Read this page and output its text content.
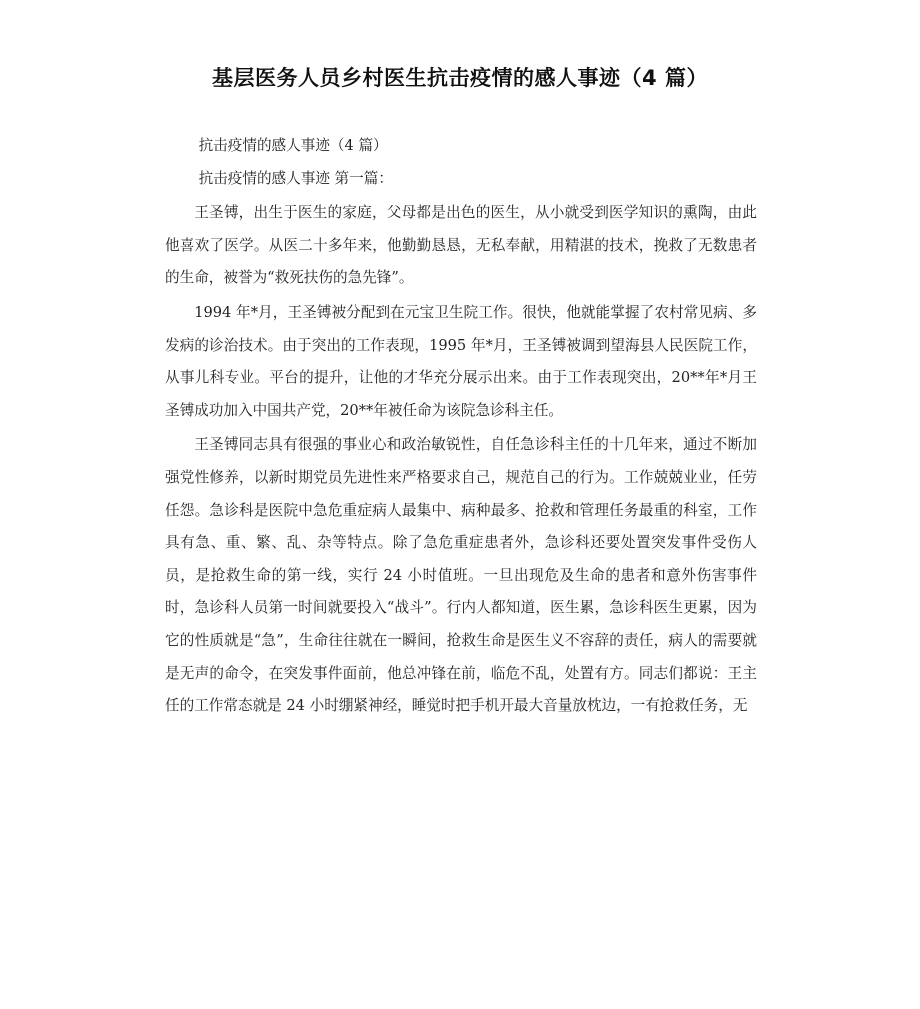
基层医务人员乡村医生抗击疫情的感人事迹（4 篇）

抗击疫情的感人事迹（4 篇）

抗击疫情的感人事迹 第一篇：

王圣镈，出生于医生的家庭，父母都是出色的医生，从小就受到医学知识的熏陶，由此他喜欢了医学。从医二十多年来，他勤勤恳恳，无私奉献，用精湛的技术，挽救了无数患者的生命，被誉为“救死扶伤的急先锋”。

1994 年*月，王圣镈被分配到在元宝卫生院工作。很快，他就能掌握了农村常见病、多发病的诊治技术。由于突出的工作表现，1995 年*月，王圣镈被调到望海县人民医院工作，从事儿科专业。平台的提升，让他的才华充分展示出来。由于工作表现突出，20**年*月王圣镈成功加入中国共产党，20**年被任命为该院急诊科主任。

王圣镈同志具有很强的事业心和政治敏锐性，自任急诊科主任的十几年来，通过不断加强党性修养，以新时期党员先进性来严格要求自己，规范自己的行为。工作兢兢业业，任劳任怨。急诊科是医院中急危重症病人最集中、病种最多、抢救和管理任务最重的科室，工作具有急、重、繁、乱、杂等特点。除了急危重症患者外，急诊科还要处置突发事件受伤人员，是抢救生命的第一线，实行 24 小时值班。一旦出现危及生命的患者和意外伤害事件时，急诊科人员第一时间就要投入“战斗”。行内人都知道，医生累，急诊科医生更累，因为它的性质就是“急”，生命往往就在一瞬间，抢救生命是医生义不容辞的责任，病人的需要就是无声的命令，在突发事件面前，他总冲锋在前，临危不乱，处置有方。同志们都说：王主任的工作常态就是 24 小时绷紧神经，睡觉时把手机开最大音量放枕边，一有抢救任务，无
